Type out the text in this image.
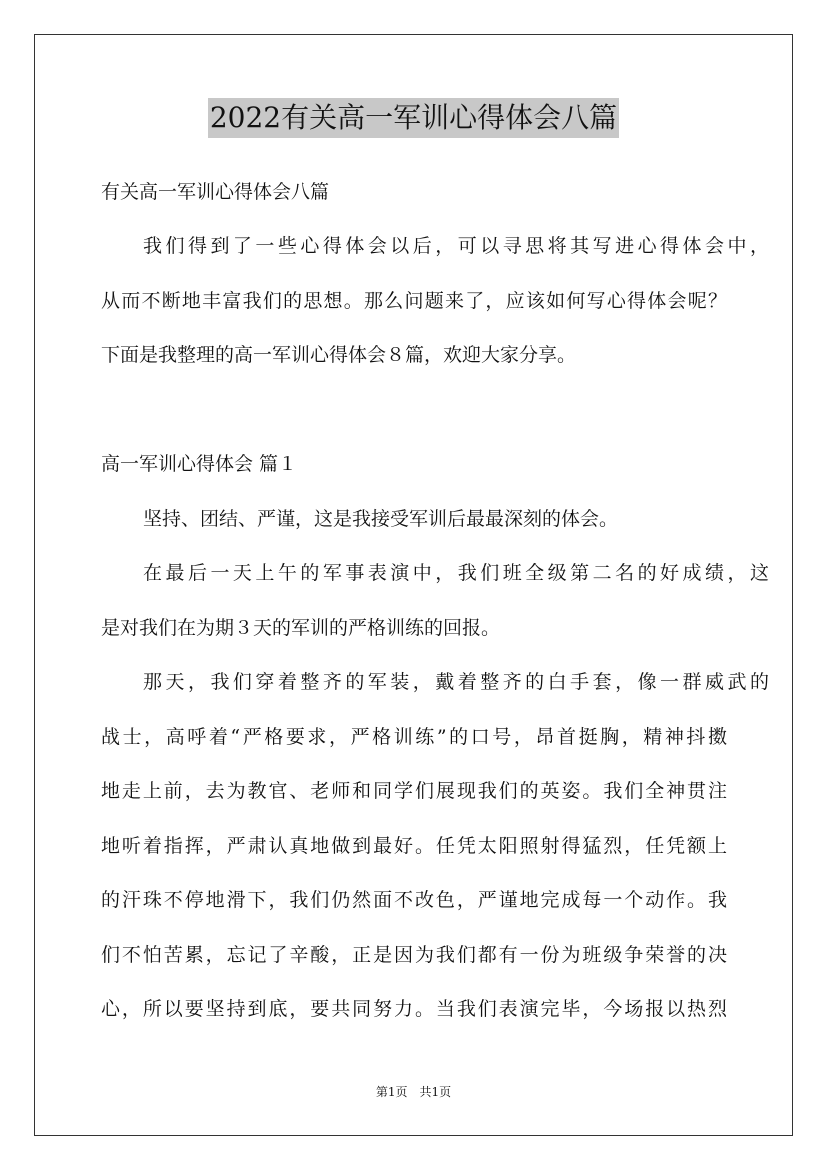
2022有关高一军训心得体会八篇
有关高一军训心得体会八篇
我们得到了一些心得体会以后，可以寻思将其写进心得体会中，
从而不断地丰富我们的思想。那么问题来了，应该如何写心得体会呢？
下面是我整理的高一军训心得体会８篇，欢迎大家分享。
高一军训心得体会 篇１
坚持、团结、严谨，这是我接受军训后最最深刻的体会。
在最后一天上午的军事表演中，我们班全级第二名的好成绩，这
是对我们在为期３天的军训的严格训练的回报。
那天，我们穿着整齐的军装，戴着整齐的白手套，像一群威武的
战士，高呼着“严格要求，严格训练”的口号，昂首挺胸，精神抖擞
地走上前，去为教官、老师和同学们展现我们的英姿。我们全神贯注
地听着指挥，严肃认真地做到最好。任凭太阳照射得猛烈，任凭额上
的汗珠不停地滑下，我们仍然面不改色，严谨地完成每一个动作。我
们不怕苦累，忘记了辛酸，正是因为我们都有一份为班级争荣誉的决
心，所以要坚持到底，要共同努力。当我们表演完毕，今场报以热烈
第1页　共1页
